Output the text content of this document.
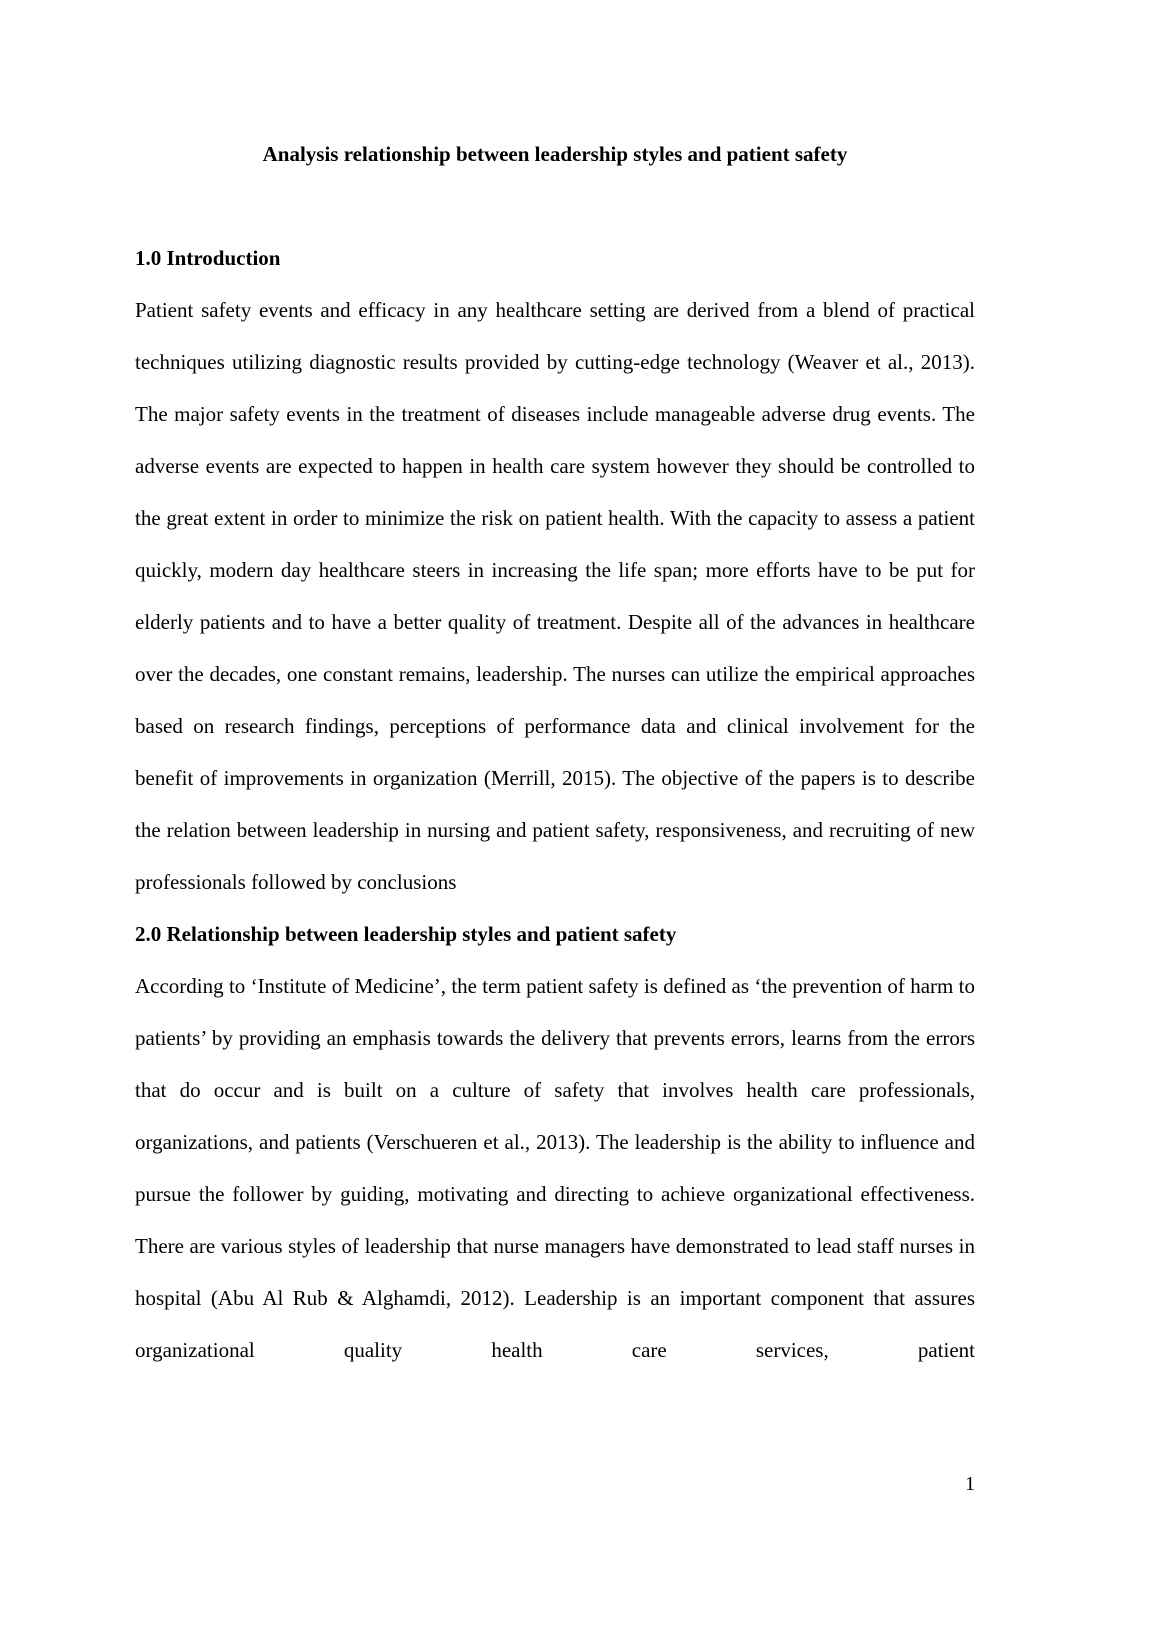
Analysis relationship between leadership styles and patient safety
1.0 Introduction

Patient safety events and efficacy in any healthcare setting are derived from a blend of practical techniques utilizing diagnostic results provided by cutting-edge technology (Weaver et al., 2013). The major safety events in the treatment of diseases include manageable adverse drug events. The adverse events are expected to happen in health care system however they should be controlled to the great extent in order to minimize the risk on patient health. With the capacity to assess a patient quickly, modern day healthcare steers in increasing the life span; more efforts have to be put for elderly patients and to have a better quality of treatment. Despite all of the advances in healthcare over the decades, one constant remains, leadership. The nurses can utilize the empirical approaches based on research findings, perceptions of performance data and clinical involvement for the benefit of improvements in organization (Merrill, 2015). The objective of the papers is to describe the relation between leadership in nursing and patient safety, responsiveness, and recruiting of new professionals followed by conclusions

2.0 Relationship between leadership styles and patient safety

According to ‘Institute of Medicine’, the term patient safety is defined as ‘the prevention of harm to patients’ by providing an emphasis towards the delivery that prevents errors, learns from the errors that do occur and is built on a culture of safety that involves health care professionals, organizations, and patients (Verschueren et al., 2013). The leadership is the ability to influence and pursue the follower by guiding, motivating and directing to achieve organizational effectiveness. There are various styles of leadership that nurse managers have demonstrated to lead staff nurses in hospital (Abu Al Rub & Alghamdi, 2012). Leadership is an important component that assures organizational quality health care services, patient

1
